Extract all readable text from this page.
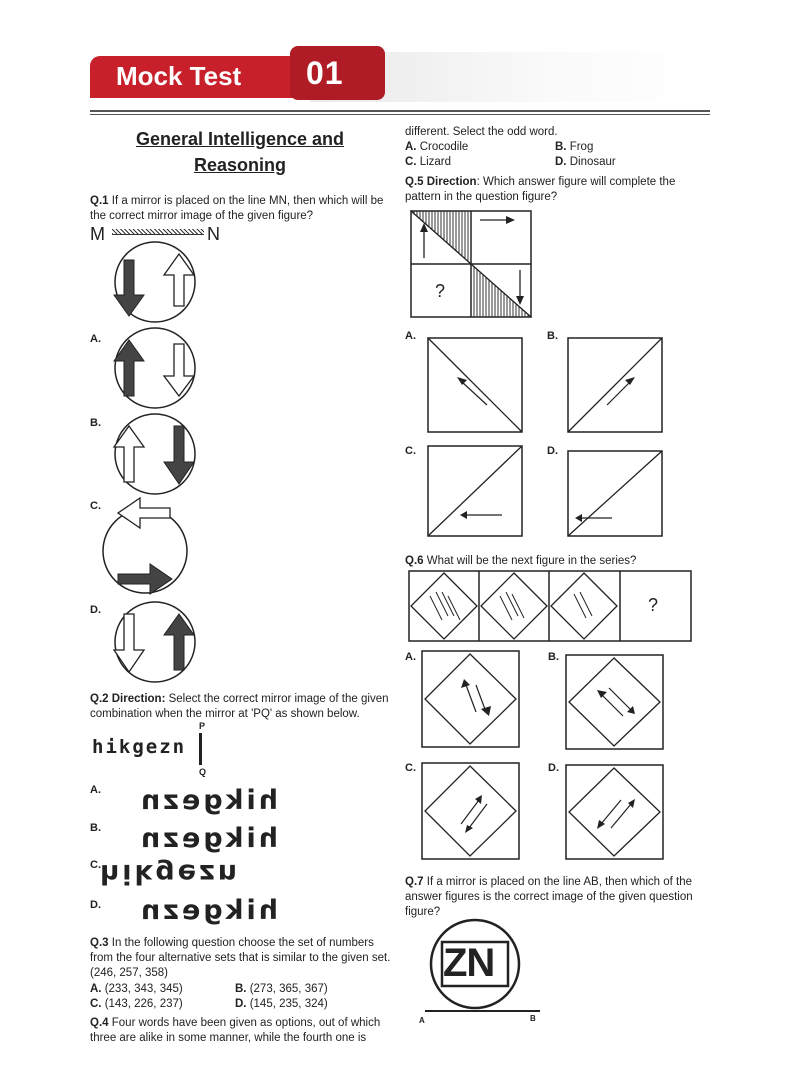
Mock Test 01
General Intelligence and
Reasoning
Q.1 If a mirror is placed on the line MN, then which will be the correct mirror image of the given figure?
M	N
A.
B.
C.
D.
Q.2 Direction: Select the correct mirror image of the given combination when the mirror at 'PQ' as shown below.
P
hikgezn
Q
A. hikgezn
B. hikgezn
C. hikgezn
D. hikgezn
Q.3 In the following question choose the set of numbers from the four alternative sets that is similar to the given set.
(246, 257, 358)
A. (233, 343, 345)	B. (273, 365, 367)
C. (143, 226, 237)	D. (145, 235, 324)
Q.4 Four words have been given as options, out of which three are alike in some manner, while the fourth one is
different. Select the odd word.
A. Crocodile	B. Frog
C. Lizard	D. Dinosaur
Q.5 Direction: Which answer figure will complete the pattern in the question figure?
?
A.	B.
C.	D.
Q.6 What will be the next figure in the series?
?
A.	B.
C.	D.
Q.7 If a mirror is placed on the line AB, then which of the answer figures is the correct image of the given question figure?
ZN
A	B
